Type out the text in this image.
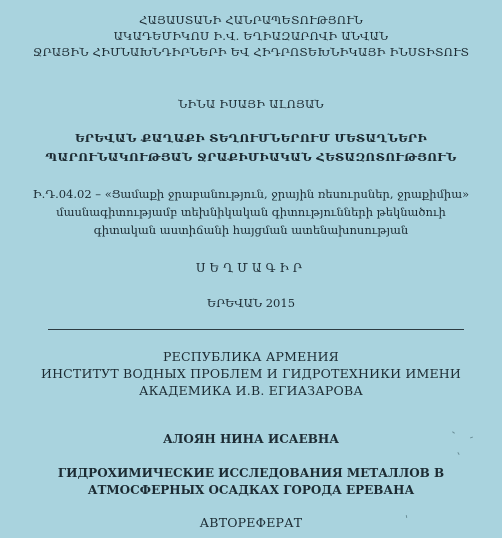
ՀԱՅԱՍՏԱՆԻ ՀԱՆՐԱՊԵՏՈՒԹՅՈՒՆ
ԱԿԱԴԵՄԻԿՈՍ Ի.Վ. ԵՂԻԱԶԱՐՈՎԻ ԱՆՎԱՆ
ՋՐԱՅԻՆ ՀԻՄՆԱԽՆԴԻՐՆԵՐԻ ԵՎ ՀԻԴՐՈՏԵԽՆԻԿԱՅԻ ԻՆՍՏԻՏՈՒՏ
ՆԻՆԱ ԻՍԱՅԻ ԱԼՈՅԱՆ
ԵՐԵՎԱՆ ՔԱՂԱՔԻ ՏԵՂՈՒՄՆԵՐՈՒՄ ՄԵՏԱՂՆԵՐԻ
ՊԱՐՈՒՆԱԿՈՒԹՅԱՆ ՋՐԱՔԻՄԻԱԿԱՆ ՀԵՏԱԶՈՏՈՒԹՅՈՒՆ
Ի.Դ.04.02 – «Ցամաքի ջրաբանություն, ջրային ռեսուրսներ, ջրաքիմիա»
մասնագիտությամբ տեխնիկական գիտությունների թեկնածուի
գիտական աստիճանի հայցման ատենախոսության
ՍԵՂՄԱԳԻՐ
ԵՐԵՎԱՆ 2015
РЕСПУБЛИКА АРМЕНИЯ
ИНСТИТУТ ВОДНЫХ ПРОБЛЕМ И ГИДРОТЕХНИКИ ИМЕНИ
АКАДЕМИКА И.В. ЕГИАЗАРОВА
АЛОЯН НИНА ИСАЕВНА
ГИДРОХИМИЧЕСКИЕ ИССЛЕДОВАНИЯ МЕТАЛЛОВ В
АТМОСФЕРНЫХ ОСАДКАХ ГОРОДА ЕРЕВАНА
АВТОРЕФЕРАТ
